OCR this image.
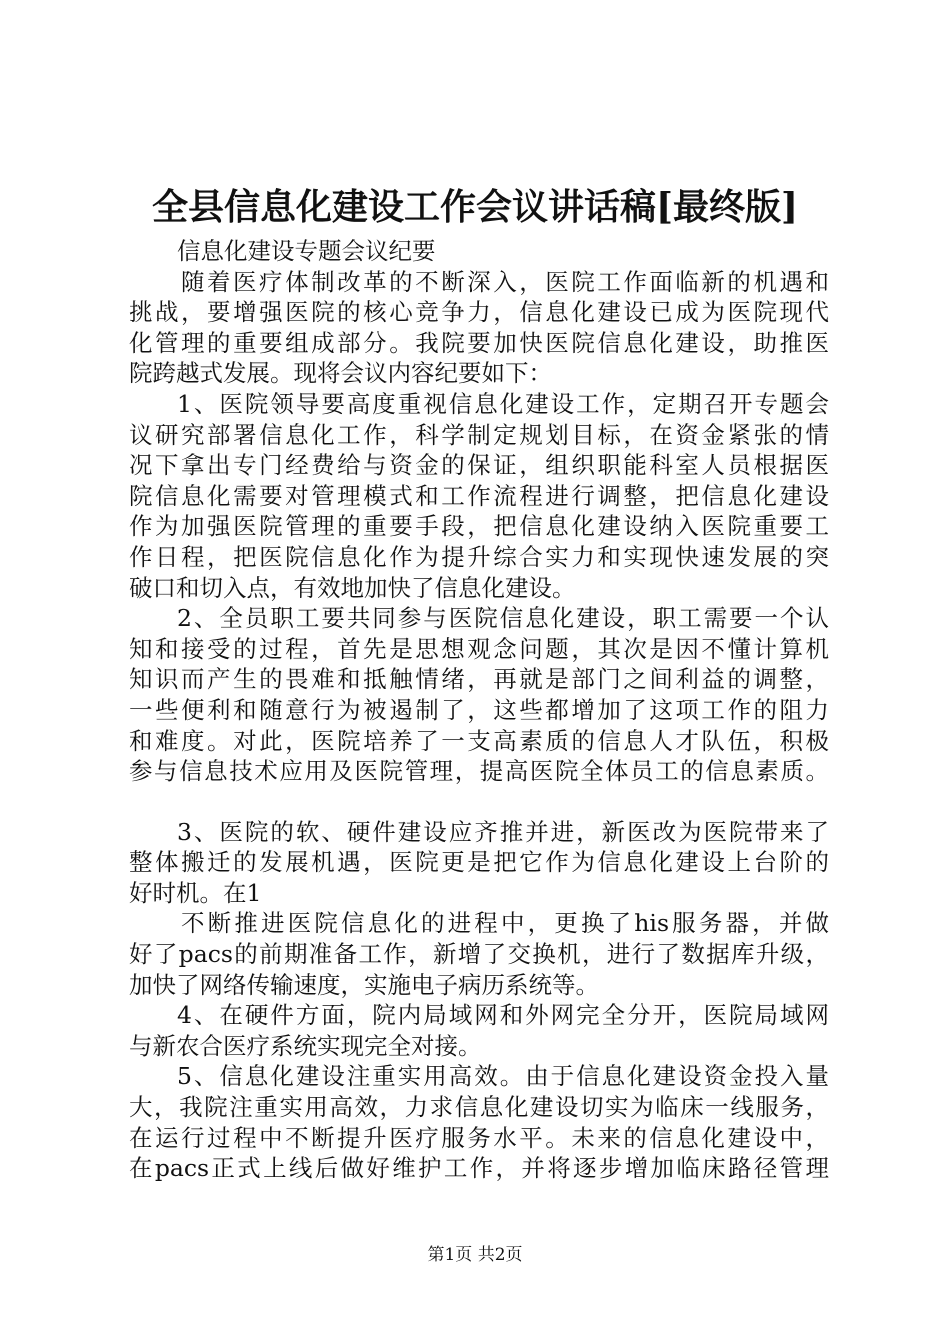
全县信息化建设工作会议讲话稿[最终版]
信息化建设专题会议纪要
随着医疗体制改革的不断深入，医院工作面临新的机遇和
挑战，要增强医院的核心竞争力，信息化建设已成为医院现代
化管理的重要组成部分。我院要加快医院信息化建设，助推医
院跨越式发展。现将会议内容纪要如下：
1、医院领导要高度重视信息化建设工作，定期召开专题会
议研究部署信息化工作，科学制定规划目标，在资金紧张的情
况下拿出专门经费给与资金的保证，组织职能科室人员根据医
院信息化需要对管理模式和工作流程进行调整，把信息化建设
作为加强医院管理的重要手段，把信息化建设纳入医院重要工
作日程，把医院信息化作为提升综合实力和实现快速发展的突
破口和切入点，有效地加快了信息化建设。
2、全员职工要共同参与医院信息化建设，职工需要一个认
知和接受的过程，首先是思想观念问题，其次是因不懂计算机
知识而产生的畏难和抵触情绪，再就是部门之间利益的调整，
一些便利和随意行为被遏制了，这些都增加了这项工作的阻力
和难度。对此，医院培养了一支高素质的信息人才队伍，积极
参与信息技术应用及医院管理，提高医院全体员工的信息素质。
3、医院的软、硬件建设应齐推并进，新医改为医院带来了
整体搬迁的发展机遇，医院更是把它作为信息化建设上台阶的
好时机。在1
不断推进医院信息化的进程中，更换了his服务器，并做
好了pacs的前期准备工作，新增了交换机，进行了数据库升级，
加快了网络传输速度，实施电子病历系统等。
4、在硬件方面，院内局域网和外网完全分开，医院局域网
与新农合医疗系统实现完全对接。
5、信息化建设注重实用高效。由于信息化建设资金投入量
大，我院注重实用高效，力求信息化建设切实为临床一线服务，
在运行过程中不断提升医疗服务水平。未来的信息化建设中，
在pacs正式上线后做好维护工作，并将逐步增加临床路径管理
第1页 共2页
